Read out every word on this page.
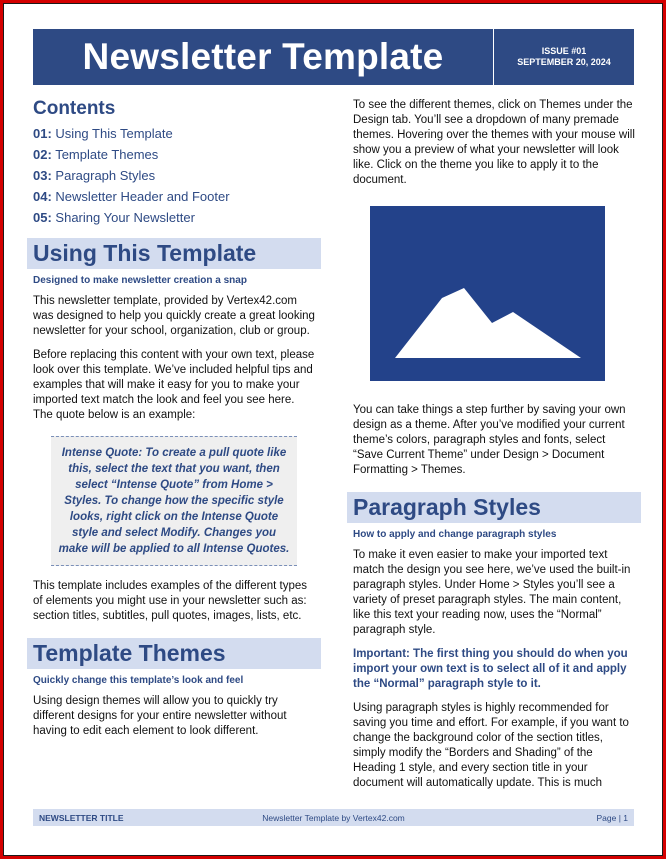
Newsletter Template	ISSUE #01
SEPTEMBER 20, 2024
Contents
01: Using This Template
02: Template Themes
03: Paragraph Styles
04: Newsletter Header and Footer
05: Sharing Your Newsletter
Using This Template
Designed to make newsletter creation a snap

This newsletter template, provided by Vertex42.com was designed to help you quickly create a great looking newsletter for your school, organization, club or group.

Before replacing this content with your own text, please look over this template. We’ve included helpful tips and examples that will make it easy for you to make your imported text match the look and feel you see here. The quote below is an example:

Intense Quote: To create a pull quote like this, select the text that you want, then select “Intense Quote” from Home > Styles. To change how the specific style looks, right click on the Intense Quote style and select Modify. Changes you make will be applied to all Intense Quotes.

This template includes examples of the different types of elements you might use in your newsletter such as: section titles, subtitles, pull quotes, images, lists, etc.

Template Themes
Quickly change this template’s look and feel

Using design themes will allow you to quickly try different designs for your entire newsletter without having to edit each element to look different.

To see the different themes, click on Themes under the Design tab. You’ll see a dropdown of many premade themes. Hovering over the themes with your mouse will show you a preview of what your newsletter will look like. Click on the theme you like to apply it to the document.

You can take things a step further by saving your own design as a theme. After you’ve modified your current theme’s colors, paragraph styles and fonts, select “Save Current Theme” under Design > Document Formatting > Themes.

Paragraph Styles
How to apply and change paragraph styles

To make it even easier to make your imported text match the design you see here, we’ve used the built-in paragraph styles. Under Home > Styles you’ll see a variety of preset paragraph styles. The main content, like this text your reading now, uses the “Normal” paragraph style.

Important: The first thing you should do when you import your own text is to select all of it and apply the “Normal” paragraph style to it.

Using paragraph styles is highly recommended for saving you time and effort. For example, if you want to change the background color of the section titles, simply modify the “Borders and Shading” of the Heading 1 style, and every section title in your document will automatically update. This is much

NEWSLETTER TITLE	Newsletter Template by Vertex42.com	Page | 1
